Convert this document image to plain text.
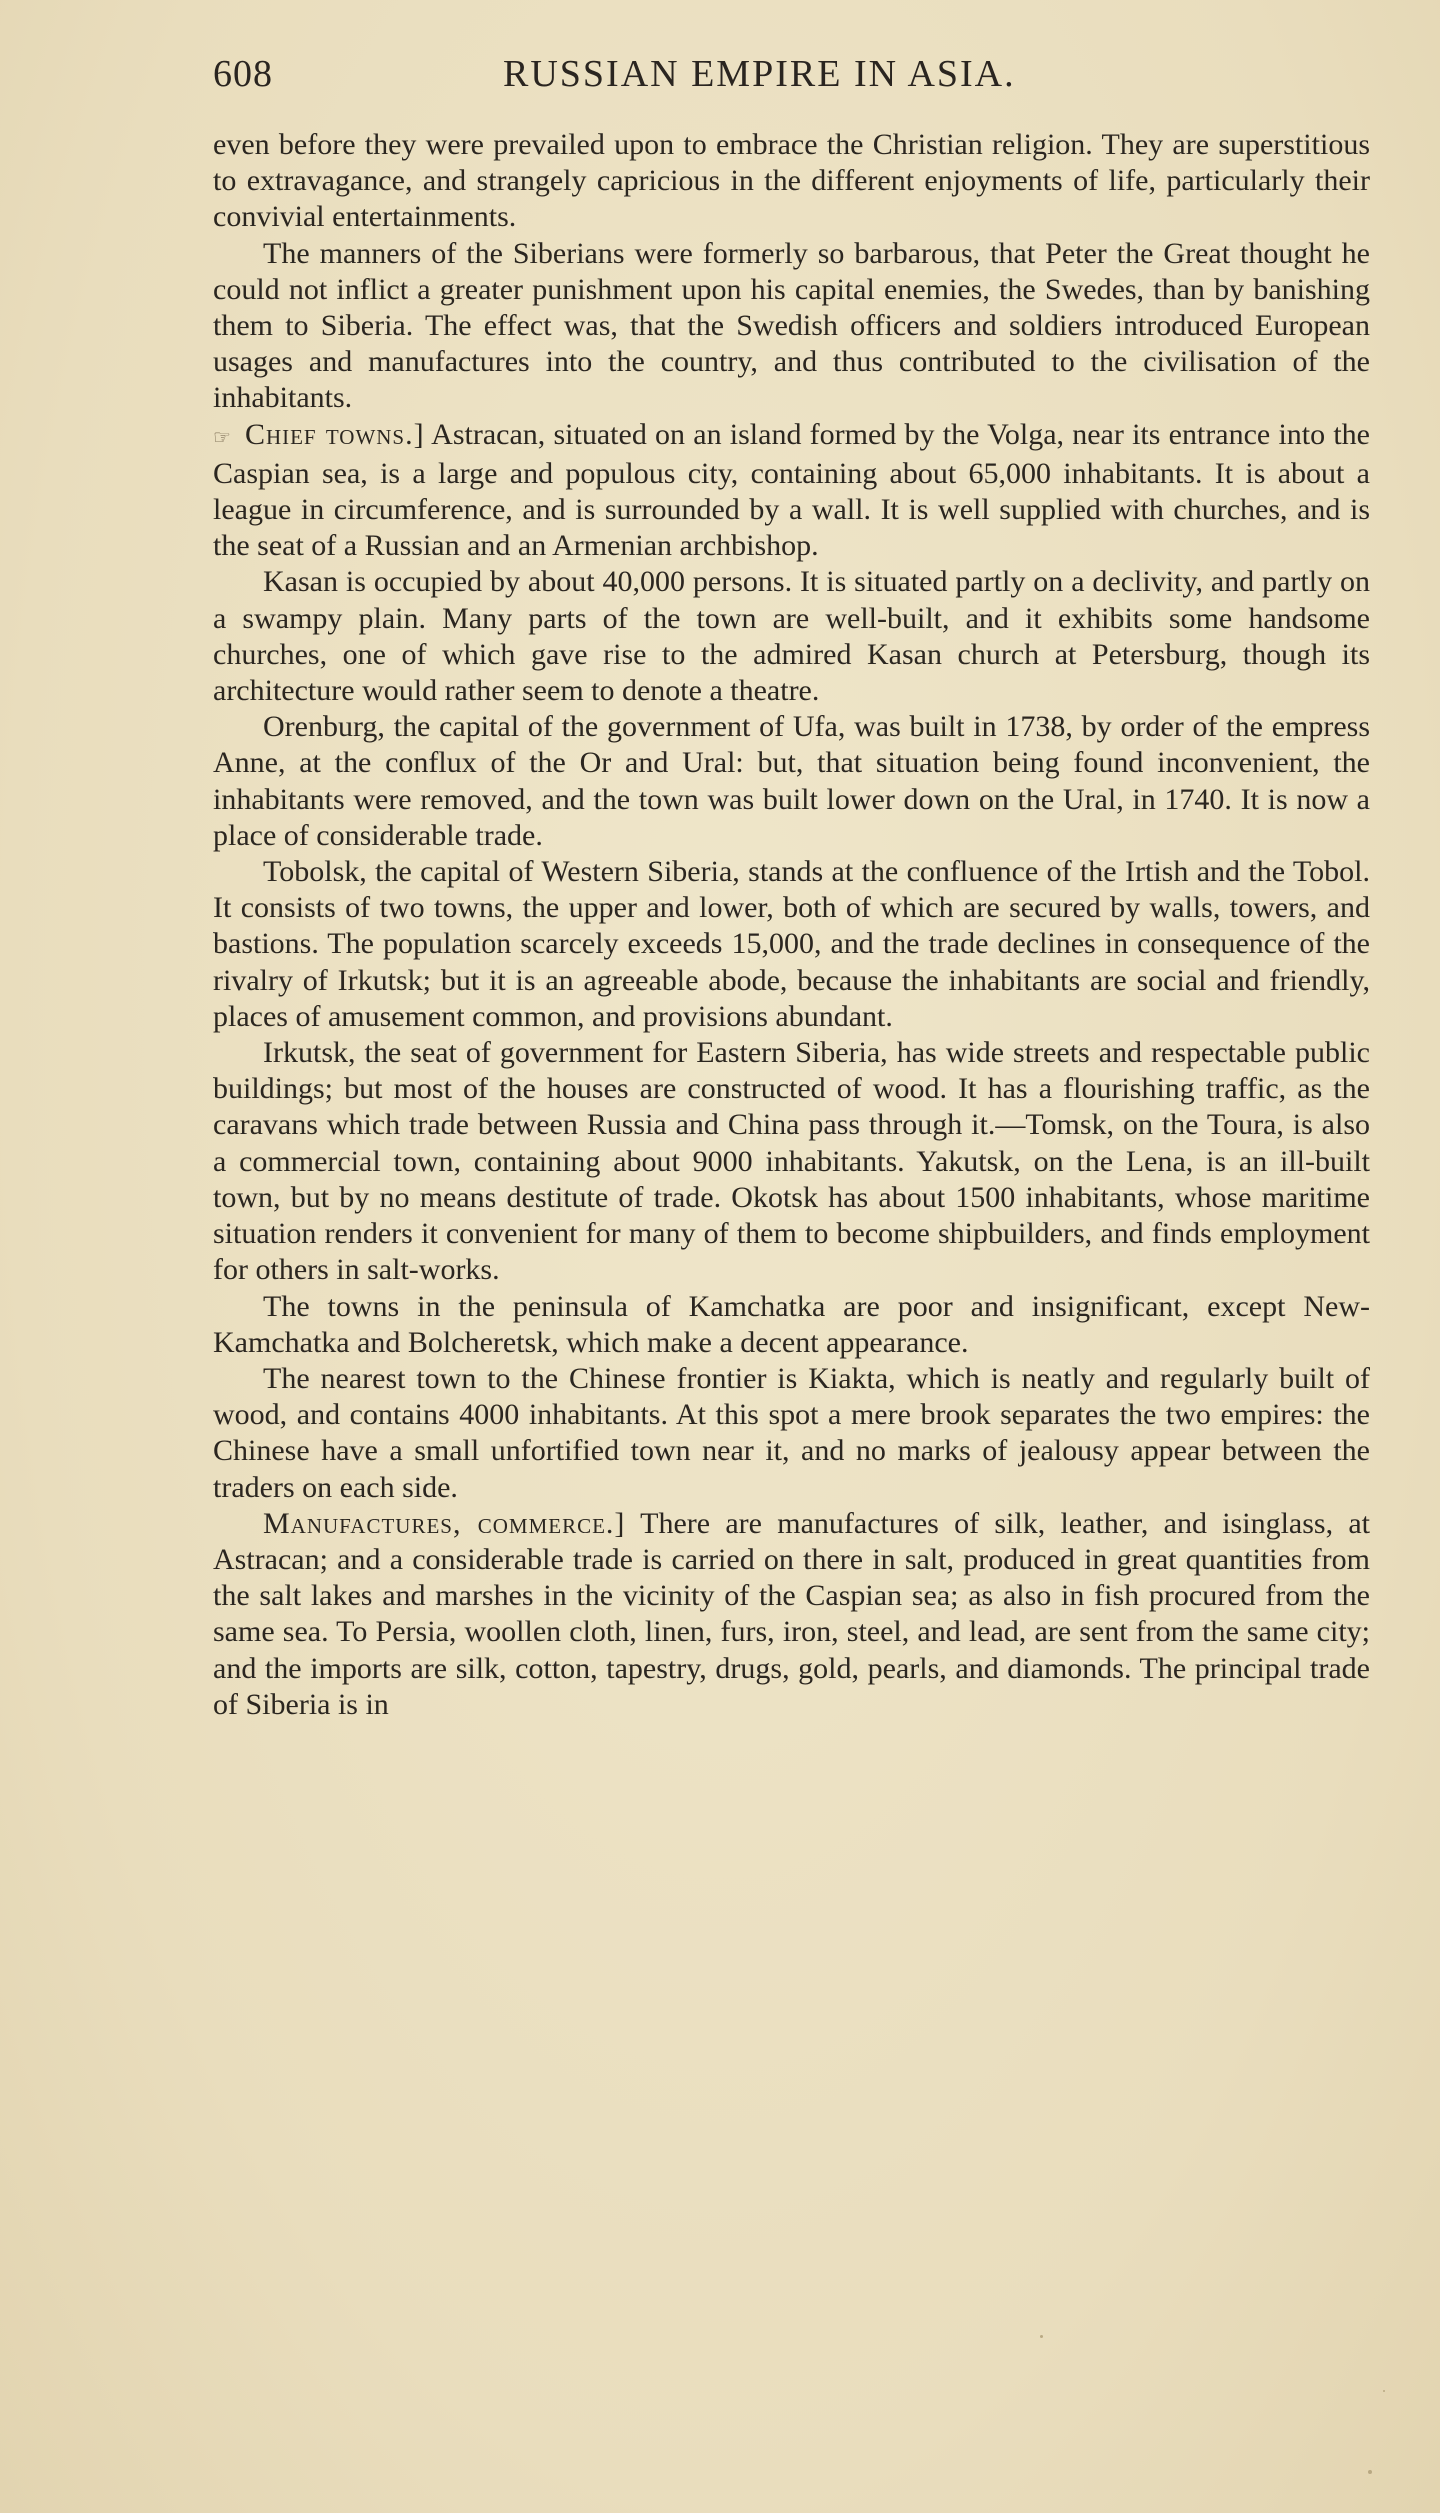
608	RUSSIAN EMPIRE IN ASIA.

even before they were prevailed upon to embrace the Christian religion. They are superstitious to extravagance, and strangely capricious in the different enjoyments of life, particularly their convivial entertainments.

The manners of the Siberians were formerly so barbarous, that Peter the Great thought he could not inflict a greater punishment upon his capital enemies, the Swedes, than by banishing them to Siberia. The effect was, that the Swedish officers and soldiers introduced European usages and manufactures into the country, and thus contributed to the civilisation of the inhabitants.

☞ Chief towns.] Astracan, situated on an island formed by the Volga, near its entrance into the Caspian sea, is a large and populous city, containing about 65,000 inhabitants. It is about a league in circumference, and is surrounded by a wall. It is well supplied with churches, and is the seat of a Russian and an Armenian archbishop.

Kasan is occupied by about 40,000 persons. It is situated partly on a declivity, and partly on a swampy plain. Many parts of the town are well-built, and it exhibits some handsome churches, one of which gave rise to the admired Kasan church at Petersburg, though its architecture would rather seem to denote a theatre.

Orenburg, the capital of the government of Ufa, was built in 1738, by order of the empress Anne, at the conflux of the Or and Ural: but, that situation being found inconvenient, the inhabitants were removed, and the town was built lower down on the Ural, in 1740. It is now a place of considerable trade.

Tobolsk, the capital of Western Siberia, stands at the confluence of the Irtish and the Tobol. It consists of two towns, the upper and lower, both of which are secured by walls, towers, and bastions. The population scarcely exceeds 15,000, and the trade declines in consequence of the rivalry of Irkutsk; but it is an agreeable abode, because the inhabitants are social and friendly, places of amusement common, and provisions abundant.

Irkutsk, the seat of government for Eastern Siberia, has wide streets and respectable public buildings; but most of the houses are constructed of wood. It has a flourishing traffic, as the caravans which trade between Russia and China pass through it.—Tomsk, on the Toura, is also a commercial town, containing about 9000 inhabitants. Yakutsk, on the Lena, is an ill-built town, but by no means destitute of trade. Okotsk has about 1500 inhabitants, whose maritime situation renders it convenient for many of them to become shipbuilders, and finds employment for others in salt-works.

The towns in the peninsula of Kamchatka are poor and insignificant, except New-Kamchatka and Bolcheretsk, which make a decent appearance.

The nearest town to the Chinese frontier is Kiakta, which is neatly and regularly built of wood, and contains 4000 inhabitants. At this spot a mere brook separates the two empires: the Chinese have a small unfortified town near it, and no marks of jealousy appear between the traders on each side.

Manufactures, commerce.] There are manufactures of silk, leather, and isinglass, at Astracan; and a considerable trade is carried on there in salt, produced in great quantities from the salt lakes and marshes in the vicinity of the Caspian sea; as also in fish procured from the same sea. To Persia, woollen cloth, linen, furs, iron, steel, and lead, are sent from the same city; and the imports are silk, cotton, tapestry, drugs, gold, pearls, and diamonds. The principal trade of Siberia is in
